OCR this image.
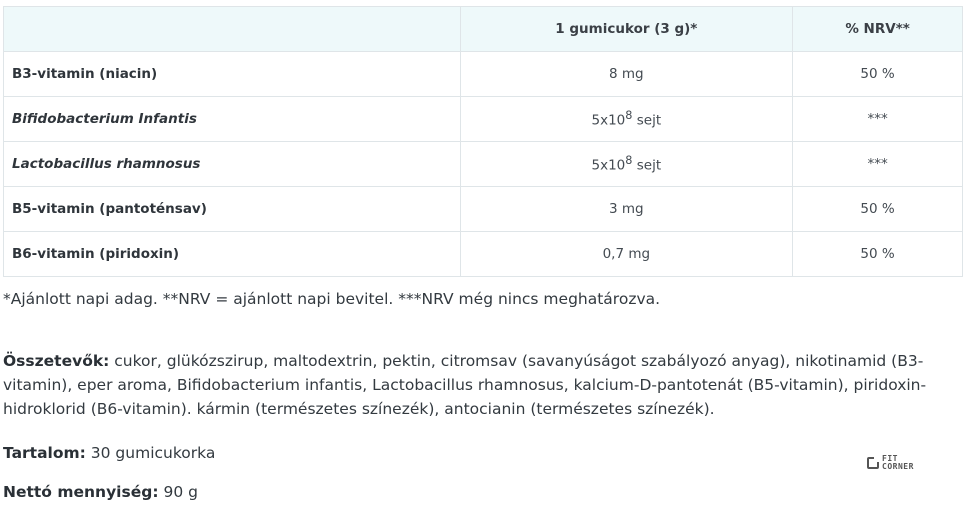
	1 gumicukor (3 g)*	% NRV**
B3-vitamin (niacin)	8 mg	50 %
Bifidobacterium Infantis	$5x10^8$ sejt	***
Lactobacillus rhamnosus	$5x10^8$ sejt	***
B5-vitamin (pantoténsav)	3 mg	50 %
B6-vitamin (piridoxin)	0,7 mg	50 %
*Ajánlott napi adag. **NRV = ajánlott napi bevitel. ***NRV még nincs meghatározva.
Összetevők: cukor, glükózszirup, maltodextrin, pektin, citromsav (savanyúságot szabályozó anyag), nikotinamid (B3-vitamin), eper aroma, Bifidobacterium infantis, Lactobacillus rhamnosus, kalcium-D-pantotenát (B5-vitamin), piridoxin-hidroklorid (B6-vitamin). kármin (természetes színezék), antocianin (természetes színezék).
Tartalom: 30 gumicukorka
Nettó mennyiség: 90 g
FIT
CORNER
